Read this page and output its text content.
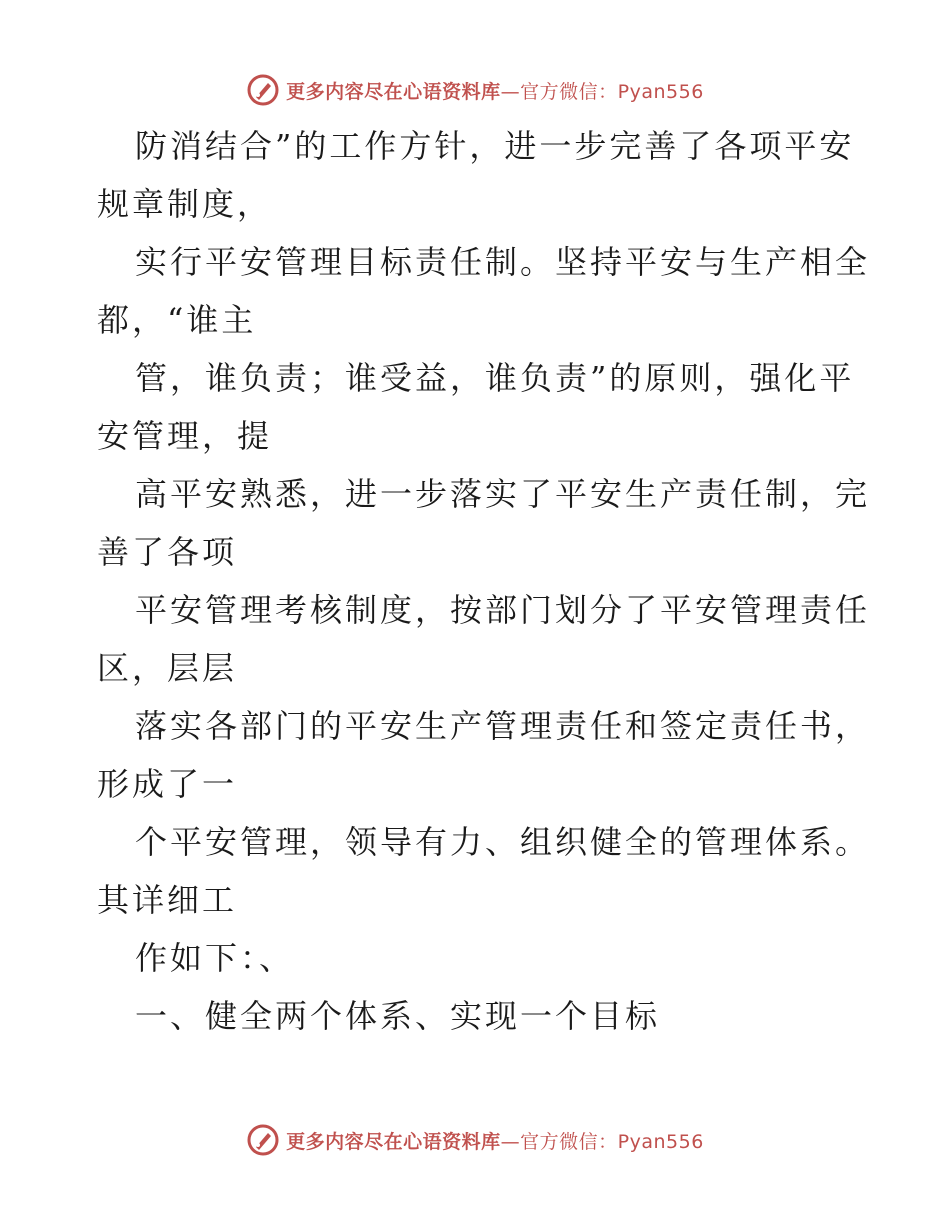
更多内容尽在心语资料库—官方微信：Pyan556
防消结合”的工作方针，进一步完善了各项平安
规章制度，
实行平安管理目标责任制。坚持平安与生产相全
都，“谁主
管，谁负责；谁受益，谁负责”的原则，强化平
安管理，提
高平安熟悉，进一步落实了平安生产责任制，完
善了各项
平安管理考核制度，按部门划分了平安管理责任
区，层层
落实各部门的平安生产管理责任和签定责任书，
形成了一
个平安管理，领导有力、组织健全的管理体系。
其详细工
作如下：、
一、健全两个体系、实现一个目标
更多内容尽在心语资料库—官方微信：Pyan556
